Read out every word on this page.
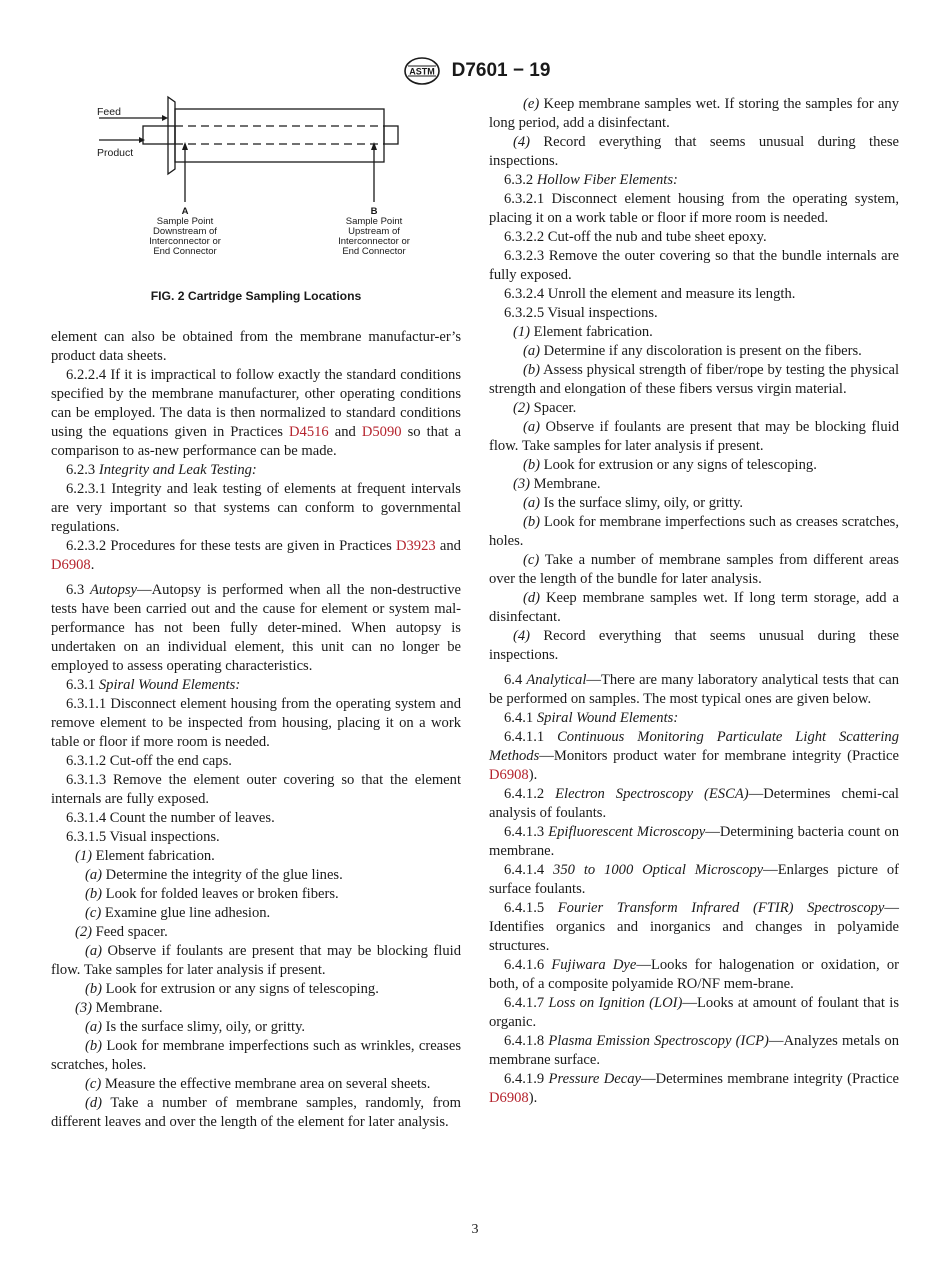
ASTM D7601 − 19
Feed
Product
A
Sample Point
Downstream of
Interconnector or
End Connector
B
Sample Point
Upstream of
Interconnector or
End Connector
FIG. 2 Cartridge Sampling Locations

element can also be obtained from the membrane manufactur-er’s product data sheets.

6.2.2.4 If it is impractical to follow exactly the standard conditions specified by the membrane manufacturer, other operating conditions can be employed. The data is then normalized to standard conditions using the equations given in Practices D4516 and D5090 so that a comparison to as-new performance can be made.

6.2.3 Integrity and Leak Testing:

6.2.3.1 Integrity and leak testing of elements at frequent intervals are very important so that systems can conform to governmental regulations.

6.2.3.2 Procedures for these tests are given in Practices D3923 and D6908.

6.3 Autopsy—Autopsy is performed when all the non-destructive tests have been carried out and the cause for element or system mal-performance has not been fully deter-mined. When autopsy is undertaken on an individual element, this unit can no longer be employed to assess operating characteristics.

6.3.1 Spiral Wound Elements:

6.3.1.1 Disconnect element housing from the operating system and remove element to be inspected from housing, placing it on a work table or floor if more room is needed.

6.3.1.2 Cut-off the end caps.

6.3.1.3 Remove the element outer covering so that the element internals are fully exposed.

6.3.1.4 Count the number of leaves.

6.3.1.5 Visual inspections.

(1) Element fabrication.

(a) Determine the integrity of the glue lines.

(b) Look for folded leaves or broken fibers.

(c) Examine glue line adhesion.

(2) Feed spacer.

(a) Observe if foulants are present that may be blocking fluid flow. Take samples for later analysis if present.

(b) Look for extrusion or any signs of telescoping.

(3) Membrane.

(a) Is the surface slimy, oily, or gritty.

(b) Look for membrane imperfections such as wrinkles, creases scratches, holes.

(c) Measure the effective membrane area on several sheets.

(d) Take a number of membrane samples, randomly, from different leaves and over the length of the element for later analysis.

(e) Keep membrane samples wet. If storing the samples for any long period, add a disinfectant.

(4) Record everything that seems unusual during these inspections.

6.3.2 Hollow Fiber Elements:

6.3.2.1 Disconnect element housing from the operating system, placing it on a work table or floor if more room is needed.

6.3.2.2 Cut-off the nub and tube sheet epoxy.

6.3.2.3 Remove the outer covering so that the bundle internals are fully exposed.

6.3.2.4 Unroll the element and measure its length.

6.3.2.5 Visual inspections.

(1) Element fabrication.

(a) Determine if any discoloration is present on the fibers.

(b) Assess physical strength of fiber/rope by testing the physical strength and elongation of these fibers versus virgin material.

(2) Spacer.

(a) Observe if foulants are present that may be blocking fluid flow. Take samples for later analysis if present.

(b) Look for extrusion or any signs of telescoping.

(3) Membrane.

(a) Is the surface slimy, oily, or gritty.

(b) Look for membrane imperfections such as creases scratches, holes.

(c) Take a number of membrane samples from different areas over the length of the bundle for later analysis.

(d) Keep membrane samples wet. If long term storage, add a disinfectant.

(4) Record everything that seems unusual during these inspections.

6.4 Analytical—There are many laboratory analytical tests that can be performed on samples. The most typical ones are given below.

6.4.1 Spiral Wound Elements:

6.4.1.1 Continuous Monitoring Particulate Light Scattering Methods—Monitors product water for membrane integrity (Practice D6908).

6.4.1.2 Electron Spectroscopy (ESCA)—Determines chemi-cal analysis of foulants.

6.4.1.3 Epifluorescent Microscopy—Determining bacteria count on membrane.

6.4.1.4 350 to 1000 Optical Microscopy—Enlarges picture of surface foulants.

6.4.1.5 Fourier Transform Infrared (FTIR) Spectroscopy—Identifies organics and inorganics and changes in polyamide structures.

6.4.1.6 Fujiwara Dye—Looks for halogenation or oxidation, or both, of a composite polyamide RO/NF mem-brane.

6.4.1.7 Loss on Ignition (LOI)—Looks at amount of foulant that is organic.

6.4.1.8 Plasma Emission Spectroscopy (ICP)—Analyzes metals on membrane surface.

6.4.1.9 Pressure Decay—Determines membrane integrity (Practice D6908).

3
